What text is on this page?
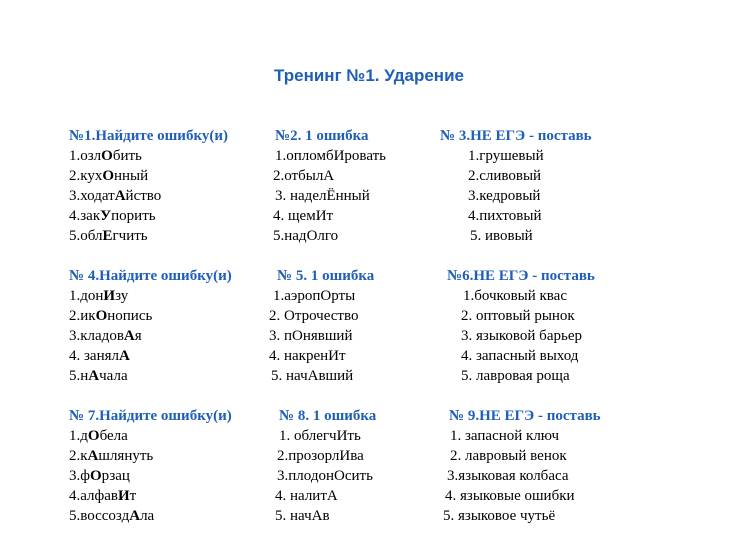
Тренинг №1. Ударение
№1.Найдите ошибку(и)
1.озлОбить
2.кухОнный
3.ходатАйство
4.закУпорить
5.облЕгчить
№2. 1 ошибка
1.опломбИровать
2.отбылА
3. наделЁнный
4. щемИт
5.надОлго
№ 3.НЕ ЕГЭ - поставь
1.грушевый
2.сливовый
3.кедровый
4.пихтовый
5. ивовый
№ 4.Найдите ошибку(и)
1.донИзу
2.икОнопись
3.кладовАя
4. занялА
5.нАчала
№ 5. 1 ошибка
1.аэропОрты
2. Отрочество
3. пОнявший
4. накренИт
5. начАвший
№6.НЕ ЕГЭ - поставь
1.бочковый квас
2. оптовый рынок
3. языковой барьер
4. запасный выход
5. лавровая роща
№ 7.Найдите ошибку(и)
1.дОбела
2.кАшлянуть
3.фОрзац
4.алфавИт
5.воссоздАла
№ 8. 1 ошибка
1. облегчИть
2.прозорлИва
3.плодонОсить
4. налитА
5. начАв
№ 9.НЕ ЕГЭ - поставь
1. запасной ключ
2. лавровый венок
3.языковая колбаса
4. языковые ошибки
5. языковое чутьё
